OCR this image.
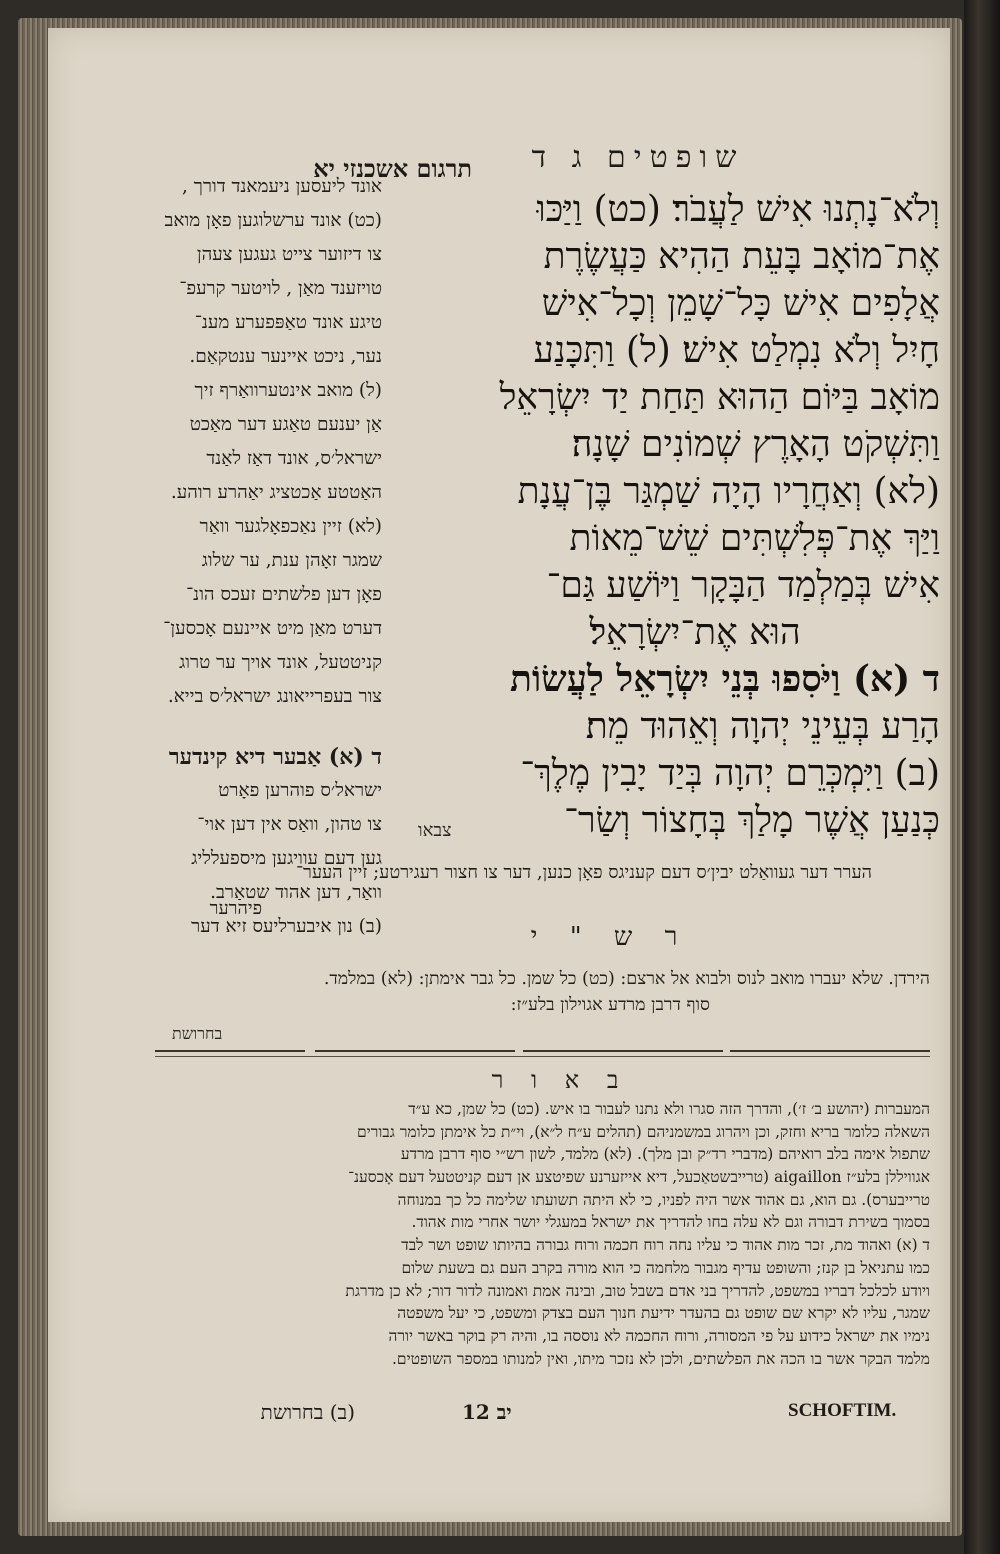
שופטים ג ד
תרגום אשכנזי יא
וְלֹא־נָתְנוּ אִישׁ לַעֲבֹר׃ (כט) וַיַּכּוּ
אֶת־מוֹאָב בָּעֵת הַהִיא כַּעֲשֶׂרֶת
אֲלָפִים אִישׁ כָּל־שָׁמֵן וְכָל־אִישׁ
חָיִל וְלֹא נִמְלַט אִישׁ׃ (ל) וַתִּכָּנַע
מוֹאָב בַּיּוֹם הַהוּא תַּחַת יַד יִשְׂרָאֵל
וַתִּשְׁקֹט הָאָרֶץ שְׁמוֹנִים שָׁנָה׃
(לא) וְאַחֲרָיו הָיָה שַׁמְגַּר בֶּן־עֲנָת
וַיַּךְ אֶת־פְּלִשְׁתִּים שֵׁשׁ־מֵאוֹת
אִישׁ בְּמַלְמַד הַבָּקָר וַיּוֹשַׁע גַּם־
הוּא אֶת־יִשְׂרָאֵל׃
ד (א) וַיֹּסִפוּ בְּנֵי יִשְׂרָאֵל לַעֲשׂוֹת
הָרַע בְּעֵינֵי יְהוָה וְאֵהוּד מֵת׃
(ב) וַיִּמְכְּרֵם יְהוָה בְּיַד יָבִין מֶלֶךְ־
כְּנַעַן אֲשֶׁר מָלַךְ בְּחָצוֹר וְשַׂר־
צבאו
אונד ליעסען ניעמאנד דורך ,
(כט) אונד ערשלוגען פאָן מואב
צו דיזוער צייט געגען צעהן
טויזענד מאַן , לויטער קרעפ־
טיגע אונד טאַפּפערע מענ־
נער, ניכט איינער ענטקאַם.
(ל) מואב אינטערוואַרף זיך
אַן יענעם טאַגע דער מאַכט
ישראל׳ס, אונד דאַז לאַנד
האַטטע אַכטציג יאַהרע רוהע.
(לא) זיין נאַכפאָלגער וואַר
שמגר זאָהן ענת, ער שלוג
פאָן דען פלשתים זעכס הונ־
דערט מאַן מיט איינעם אָכסען־
קניטטעל, אונד אויך ער טרוג
צור בעפרייאונג ישראל׳ס בייא.
ד (א) אַבער דיא קינדער
ישראל׳ס פוהרען פאָרט
צו טהון, וואַס אין דען אוי־
גען דעם עוויגען מיספעלליג
וואַר, דען אהוד שטאַרב.
(ב) נון איבערליעס זיא דער
הערר דער געוואַלט יבין׳ס דעם קעניגס פאָן כנען, דער צו חצור רעגירטע; זיין העער־
פיהרער
ר ש " י
הירדן. שלא יעברו מואב לנוס ולבוא אל ארצם: (כט) כל שמן. כל גבר אימתן: (לא) במלמד.
סוף דרבן מרדע אגוילון בלע״ז:
בחרושת
ב א ו ר
המעברות (יהושע ב׳ ז׳), והדרך הזה סגרו ולא נתנו לעבור בו איש. (כט) כל שמן, כא ע״ד
השאלה כלומר בריא וחזק, וכן ויהרוג במשמניהם (תהלים ע״ח ל״א), וי״ת כל אימתן כלומר גבורים
שתפול אימה בלב רואיהם (מדברי רד״ק ובן מלך). (לא) מלמד, לשון רש״י סוף דרבן מרדע
אגוויללן בלע״ז aigaillon (טרייבשטאַכעל, דיא אייזערנע שפיטצע אן דעם קניטטעל דעם אָכסענ־
טרייבערס). גם הוא, גם אהוד אשר היה לפניו, כי לא היתה תשועתו שלימה כל כך במנוחה
בסמוך בשירת דבורה וגם לא עלה בחו להדריך את ישראל במעגלי יושר אחרי מות אהוד.
ד (א) ואהוד מת, זכר מות אהוד כי עליו נחה רוח חכמה ורוח גבורה בהיותו שופט ושר לבד
כמו עתניאל בן קנז; והשופט עדיף מגבור מלחמה כי הוא מורה בקרב העם גם בשעת שלום
ויודע לכלכל דבריו במשפט, להדריך בני אדם בשבל טוב, ובינה אמת ואמונה לדור דור; לא כן מדרגת
שמגר, עליו לא יקרא שם שופט גם בהעדר ידיעת חנוך העם בצדק ומשפט, כי יעל משפטה
נימיו את ישראל כידוע על פי המסורה, ורוח החכמה לא נוססה בו, והיה רק בוקר באשר יורה
מלמד הבקר אשר בו הכה את הפלשתים, ולכן לא נזכר מיתו, ואין למנותו במספר השופטים.
(ב) בחרושת	12 יב	SCHOFTIM.
